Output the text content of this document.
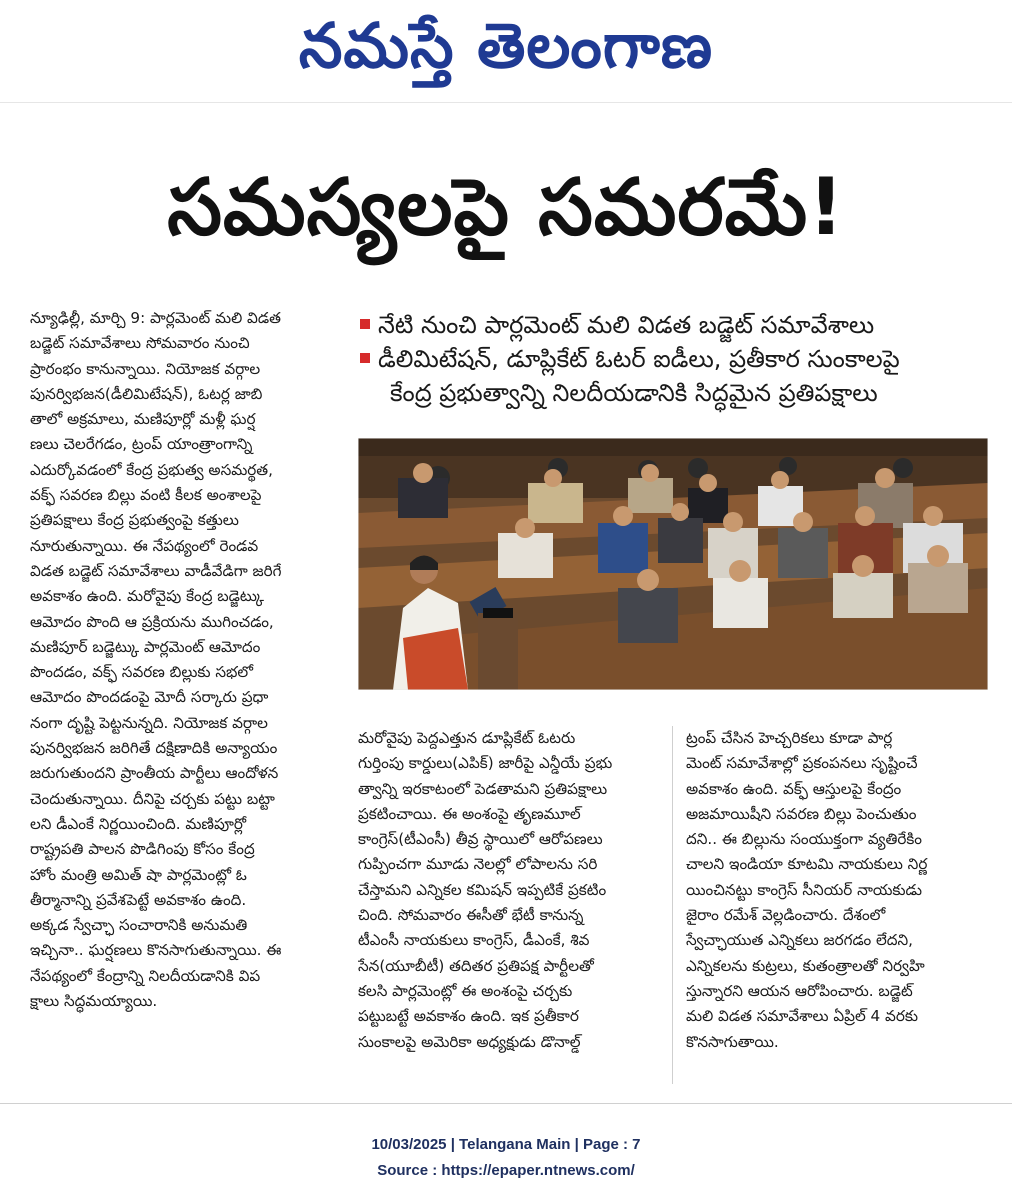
నమస్తే తెలంగాణ
సమస్యలపై సమరమే!
న్యూఢిల్లీ, మార్చి 9: పార్లమెంట్ మలి విడత
బడ్జెట్ సమావేశాలు సోమవారం నుంచి
ప్రారంభం కానున్నాయి. నియోజక వర్గాల
పునర్విభజన(డీలిమిటేషన్), ఓటర్ల జాబి
తాలో అక్రమాలు, మణిపూర్లో మళ్లీ ఘర్ష
ణలు చెలరేగడం, ట్రంప్ యాంత్రాంగాన్ని
ఎదుర్కోవడంలో కేంద్ర ప్రభుత్వ అసమర్థత,
వక్ఫ్ సవరణ బిల్లు వంటి కీలక అంశాలపై
ప్రతిపక్షాలు కేంద్ర ప్రభుత్వంపై కత్తులు
నూరుతున్నాయి. ఈ నేపథ్యంలో రెండవ
విడత బడ్జెట్ సమావేశాలు వాడీవేడిగా జరిగే
అవకాశం ఉంది. మరోవైపు కేంద్ర బడ్జెట్కు
ఆమోదం పొంది ఆ ప్రక్రియను ముగించడం,
మణిపూర్ బడ్జెట్కు పార్లమెంట్ ఆమోదం
పొందడం, వక్ఫ్ సవరణ బిల్లుకు సభలో
ఆమోదం పొందడంపై మోదీ సర్కారు ప్రధా
నంగా దృష్టి పెట్టనున్నది. నియోజక వర్గాల
పునర్విభజన జరిగితే దక్షిణాదికి అన్యాయం
జరుగుతుందని ప్రాంతీయ పార్టీలు ఆందోళన
చెందుతున్నాయి. దీనిపై చర్చకు పట్టు బట్టా
లని డీఎంకే నిర్ణయించింది. మణిపూర్లో
రాష్ట్రపతి పాలన పొడిగింపు కోసం కేంద్ర
హోం మంత్రి అమిత్ షా పార్లమెంట్లో ఓ
తీర్మానాన్ని ప్రవేశపెట్టే అవకాశం ఉంది.
అక్కడ స్వేచ్ఛా సంచారానికి అనుమతి
ఇచ్చినా.. ఘర్షణలు కొనసాగుతున్నాయి. ఈ
నేపథ్యంలో కేంద్రాన్ని నిలదీయడానికి విప
క్షాలు సిద్ధమయ్యాయి.
నేటి నుంచి పార్లమెంట్ మలి విడత బడ్జెట్ సమావేశాలు
డీలిమిటేషన్, డూప్లికేట్ ఓటర్ ఐడీలు, ప్రతీకార సుంకాలపై
కేంద్ర ప్రభుత్వాన్ని నిలదీయడానికి సిద్ధమైన ప్రతిపక్షాలు
మరోవైపు పెద్దఎత్తున డూప్లికేట్ ఓటరు
గుర్తింపు కార్డులు(ఎపిక్) జారీపై ఎన్డీయే ప్రభు
త్వాన్ని ఇరకాటంలో పెడతామని ప్రతిపక్షాలు
ప్రకటించాయి. ఈ అంశంపై తృణమూల్
కాంగ్రెస్(టీఎంసీ) తీవ్ర స్థాయిలో ఆరోపణలు
గుప్పించగా మూడు నెలల్లో లోపాలను సరి
చేస్తామని ఎన్నికల కమిషన్ ఇప్పటికే ప్రకటిం
చింది. సోమవారం ఈసీతో భేటీ కానున్న
టీఎంసీ నాయకులు కాంగ్రెస్, డీఎంకే, శివ
సేన(యూబీటీ) తదితర ప్రతిపక్ష పార్టీలతో
కలసి పార్లమెంట్లో ఈ అంశంపై చర్చకు
పట్టుబట్టే అవకాశం ఉంది. ఇక ప్రతీకార
సుంకాలపై అమెరికా అధ్యక్షుడు డొనాల్డ్
ట్రంప్ చేసిన హెచ్చరికలు కూడా పార్ల
మెంట్ సమావేశాల్లో ప్రకంపనలు సృష్టించే
అవకాశం ఉంది. వక్ఫ్ ఆస్తులపై కేంద్రం
అజమాయిషీని సవరణ బిల్లు పెంచుతుం
దని.. ఈ బిల్లును సంయుక్తంగా వ్యతిరేకిం
చాలని ఇండియా కూటమి నాయకులు నిర్ణ
యించినట్టు కాంగ్రెస్ సీనియర్ నాయకుడు
జైరాం రమేశ్ వెల్లడించారు. దేశంలో
స్వేచ్ఛాయుత ఎన్నికలు జరగడం లేదని,
ఎన్నికలను కుట్రలు, కుతంత్రాలతో నిర్వహి
స్తున్నారని ఆయన ఆరోపించారు. బడ్జెట్
మలి విడత సమావేశాలు ఏప్రిల్ 4 వరకు
కొనసాగుతాయి.
10/03/2025 | Telangana Main | Page : 7
Source : https://epaper.ntnews.com/
